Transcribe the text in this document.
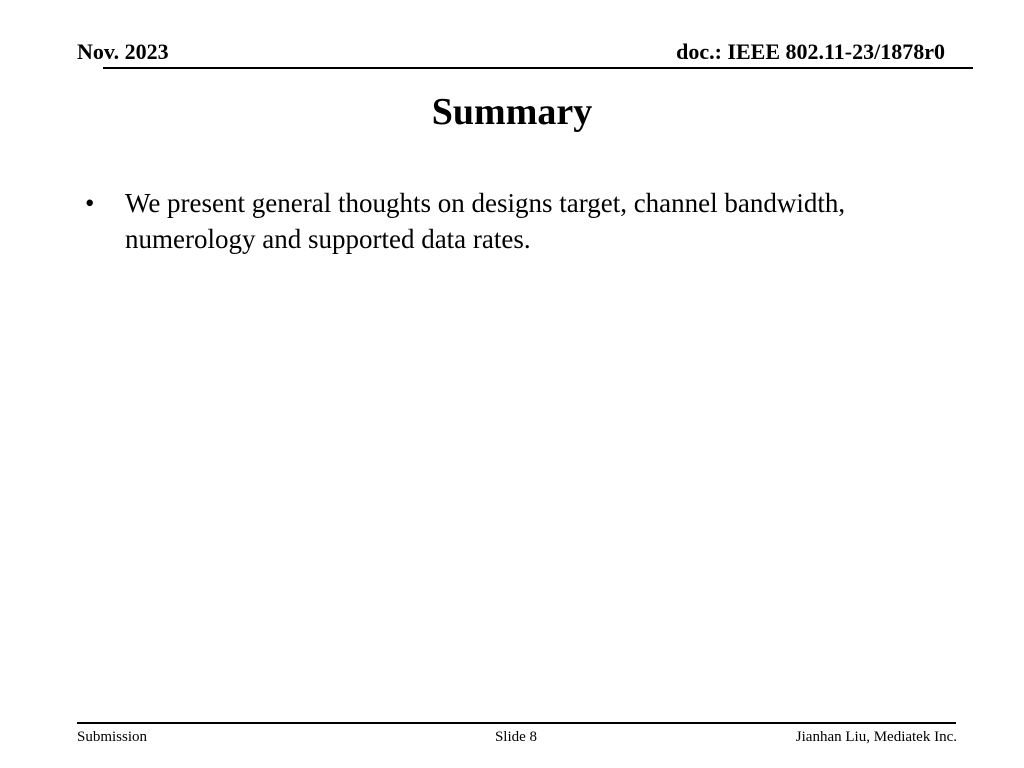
Nov. 2023	doc.: IEEE 802.11-23/1878r0
Summary
• We present general thoughts on designs target, channel bandwidth, numerology and supported data rates.
Submission	Slide 8	Jianhan Liu, Mediatek Inc.
